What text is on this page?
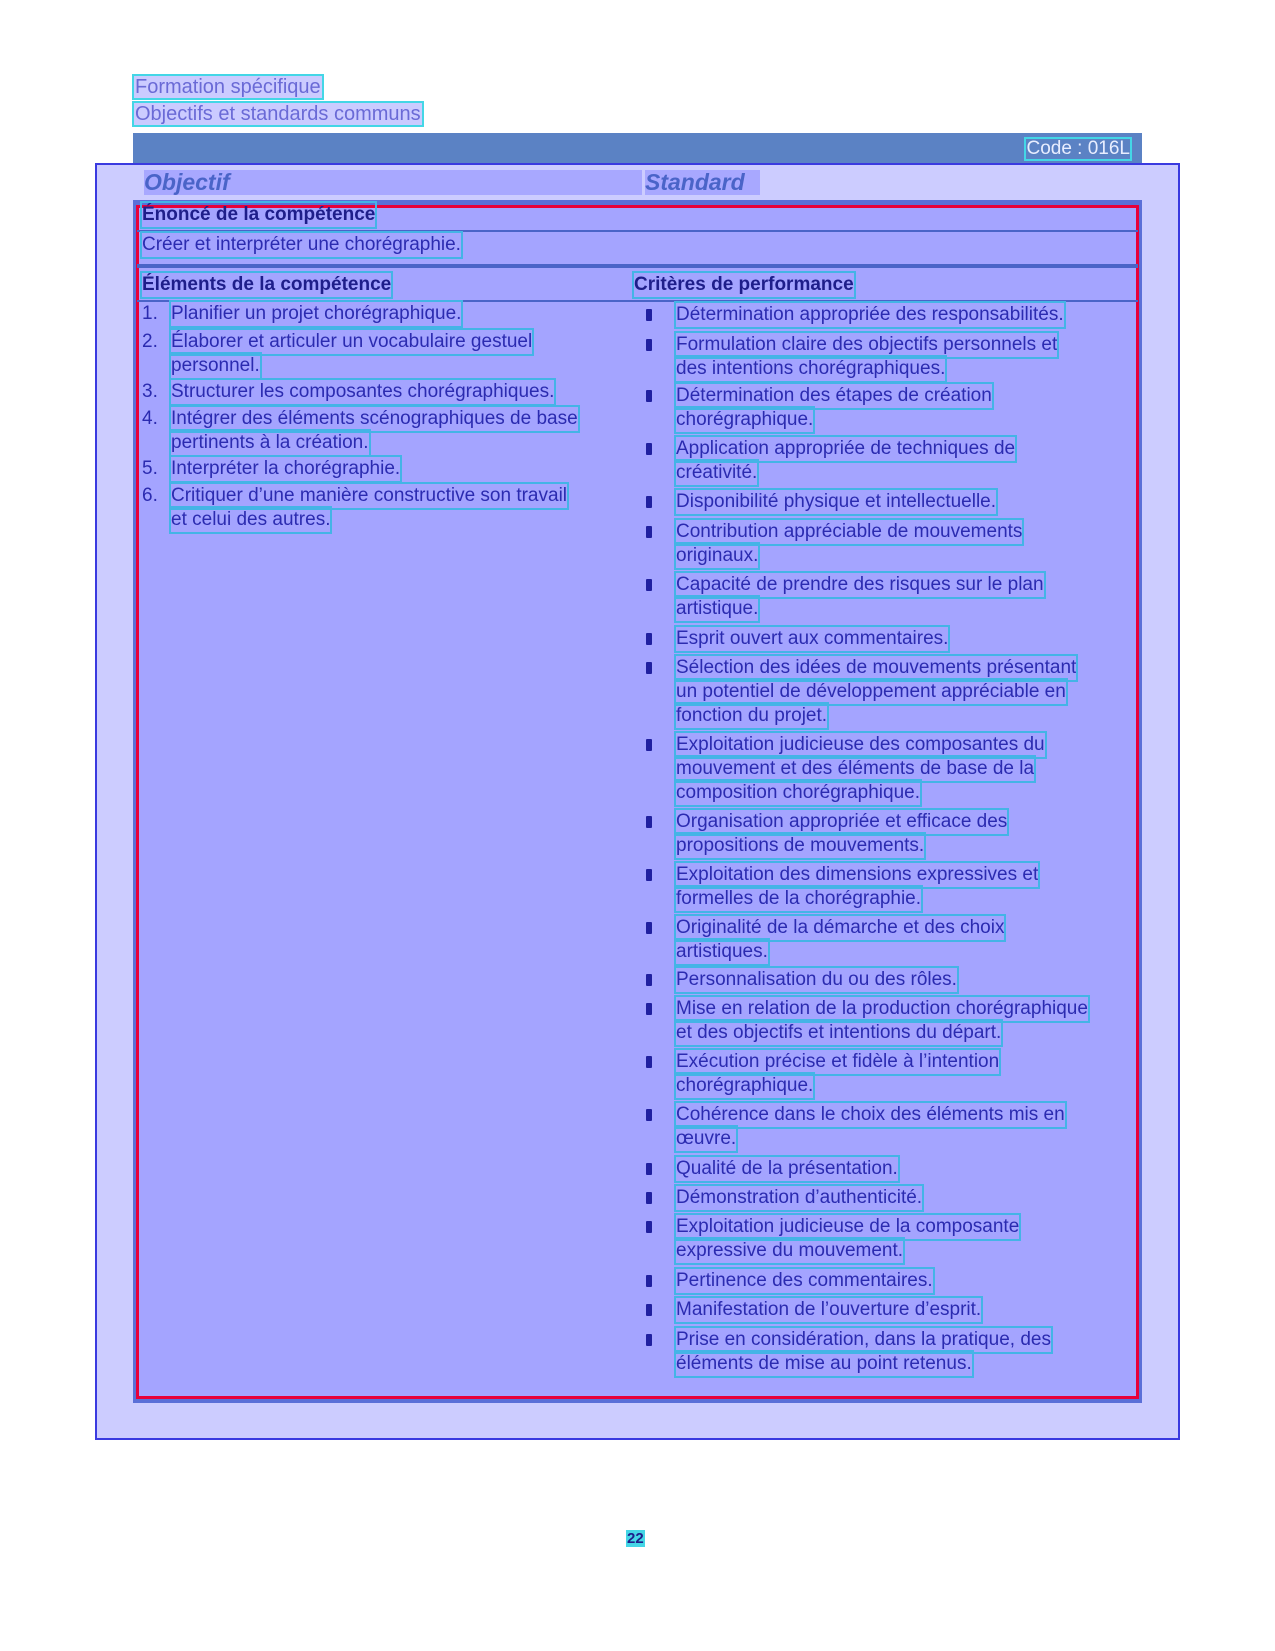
Formation spécifique
Objectifs et standards communs
Code : 016L
Objectif	Standard
Énoncé de la compétence
Créer et interpréter une chorégraphie.
Éléments de la compétence	Critères de performance
1. Planifier un projet chorégraphique.
2. Élaborer et articuler un vocabulaire gestuel
personnel.
3. Structurer les composantes chorégraphiques.
4. Intégrer des éléments scénographiques de base
pertinents à la création.
5. Interpréter la chorégraphie.
6. Critiquer d’une manière constructive son travail
et celui des autres.
Détermination appropriée des responsabilités.
Formulation claire des objectifs personnels et
des intentions chorégraphiques.
Détermination des étapes de création
chorégraphique.
Application appropriée de techniques de
créativité.
Disponibilité physique et intellectuelle.
Contribution appréciable de mouvements
originaux.
Capacité de prendre des risques sur le plan
artistique.
Esprit ouvert aux commentaires.
Sélection des idées de mouvements présentant
un potentiel de développement appréciable en
fonction du projet.
Exploitation judicieuse des composantes du
mouvement et des éléments de base de la
composition chorégraphique.
Organisation appropriée et efficace des
propositions de mouvements.
Exploitation des dimensions expressives et
formelles de la chorégraphie.
Originalité de la démarche et des choix
artistiques.
Personnalisation du ou des rôles.
Mise en relation de la production chorégraphique
et des objectifs et intentions du départ.
Exécution précise et fidèle à l’intention
chorégraphique.
Cohérence dans le choix des éléments mis en
œuvre.
Qualité de la présentation.
Démonstration d’authenticité.
Exploitation judicieuse de la composante
expressive du mouvement.
Pertinence des commentaires.
Manifestation de l’ouverture d’esprit.
Prise en considération, dans la pratique, des
éléments de mise au point retenus.
22
